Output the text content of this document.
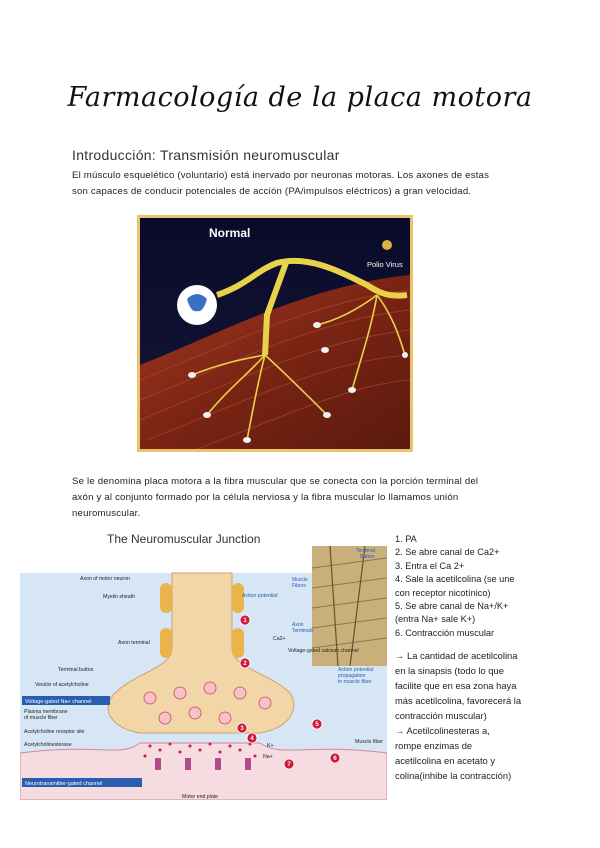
Farmacología de la placa motora
Introducción: Transmisión neuromuscular
El músculo esquelético (voluntario) está inervado por neuronas motoras. Los axones de estas
son capaces de conducir potenciales de acción (PA/impulsos eléctricos) a gran velocidad.
Normal
Polio Virus
Se le denomina placa motora a la fibra muscular que se conecta con la porción terminal del
axón y al conjunto formado por la célula nerviosa y la fibra muscular lo llamamos unión
neuromuscular.
The Neuromuscular Junction
Terminal
Button
Muscle
Fibers
Axon
Terminals
1
2
3
4
5
6
7
Axon of motor neuron
Myelin sheath
Axon terminal
Terminal button
Vesicle of acetylcholine
Plasma membrane
of muscle fiber
Acetylcholine receptor site
Acetylcholinesterase
Motor end plate
Voltage-gated calcium channel
Muscle fiber
Ca2+
K+
Na+
Action potential
Action potential
propagation
in muscle fiber
Voltage-gated Na+ channel
Neurotransmitter-gated channel
1. PA
2. Se abre canal de Ca2+
3. Entra el Ca 2+
4. Sale la acetilcolina (se une
con receptor nicotínico)
5. Se abre canal de Na+/K+
(entra Na+ sale K+)
6. Contracción muscular
→ La cantidad de acetilcolina
en la sinapsis (todo lo que
facilite que en esa zona haya
más acetilcolina, favorecerá la
contracción muscular)
→ Acetilcolinesteras a,
rompe enzimas de
acetilcolina en acetato y
colina(inhibe la contracción)
